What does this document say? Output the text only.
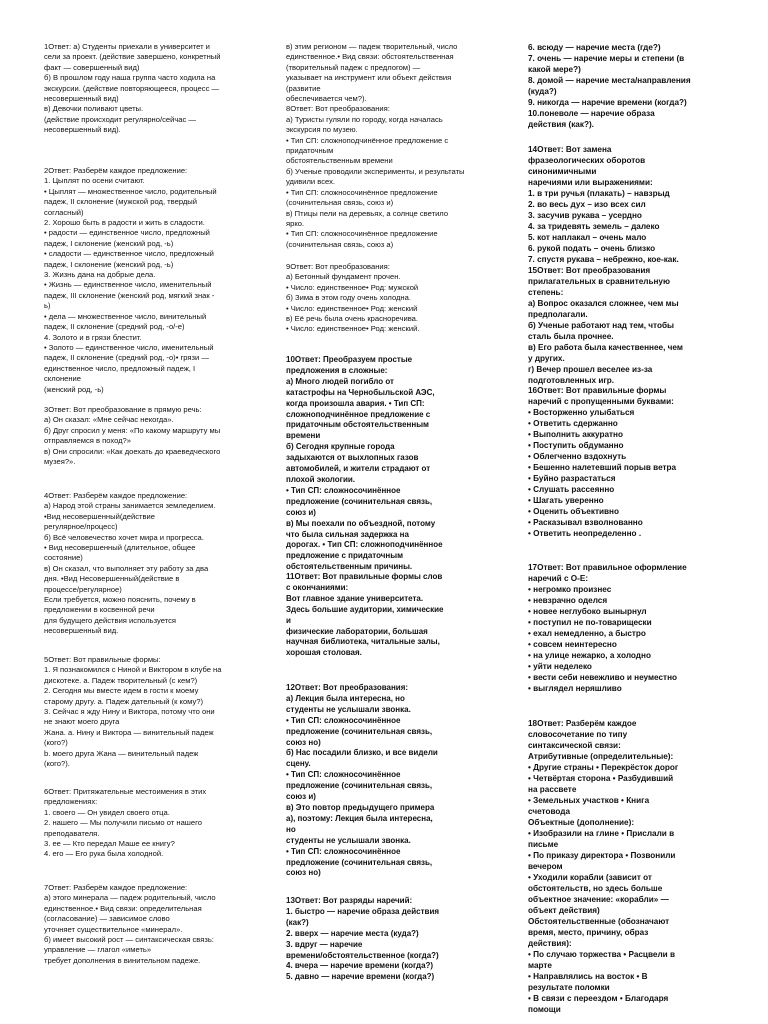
1Ответ: а) Студенты приехали в университет и
сели за проект. (действие завершено, конкретный
факт — совершенный вид)
б) В прошлом году наша группа часто ходила на
экскурсии. (действие повторяющееся, процесс —
несовершенный вид)
в) Девочки поливают цветы.
(действие происходит регулярно/сейчас —
несовершенный вид).
2Ответ: Разберём каждое предложение:
1. Цыплят по осени считают.
• Цыплят — множественное число, родительный
падеж, II склонение (мужской род, твердый
согласный)
2. Хорошо быть в радости и жить в сладости.
• радости — единственное число, предложный
падеж, I склонение (женский род, -ь)
• сладости — единственное число, предложный
падеж, I склонение (женский род, -ь)
3. Жизнь дана на добрые дела.
• Жизнь — единственное число, именительный
падеж, III склонение (женский род, мягкий знак -
ь)
• дела — множественное число, винительный
падеж, II склонение (средний род, -о/-е)
4. Золото и в грязи блестит.
• Золото — единственное число, именительный
падеж, II склонение (средний род, -о)• грязи —
единственное число, предложный падеж, I
склонение
(женский род, -ь)
3Ответ: Вот преобразование в прямую речь:
а) Он сказал: «Мне сейчас некогда».
б) Друг спросил у меня: «По какому маршруту мы
отправляемся в поход?»
в) Они спросили: «Как доехать до краеведческого
музея?».
4Ответ: Разберём каждое предложение:
а) Народ этой страны занимается земледелием.
•Вид несовершенный(действие
регулярное/процесс)
б) Всё человечество хочет мира и прогресса.
• Вид несовершенный (длительное, общее
состояние)
в) Он сказал, что выполняет эту работу за два
дня. •Вид Несовершенный(действие в
процессе/регулярное)
Если требуется, можно пояснить, почему в
предложении в косвенной речи
для будущего действия используется
несовершенный вид.
5Ответ: Вот правильные формы:
1. Я познакомился с Ниной и Виктором в клубе на
дискотеке. а. Падеж творительный (с кем?)
2. Сегодня мы вместе идем в гости к моему
старому другу. а. Падеж дательный (к кому?)
3. Сейчас я жду Нину и Виктора, потому что они
не знают моего друга
Жана. а. Нину и Виктора — винительный падеж
(кого?)
b. моего друга Жана — винительный падеж
(кого?).
6Ответ: Притяжательные местоимения в этих
предложениях:
1. своего — Он увидел своего отца.
2. нашего — Мы получили письмо от нашего
преподавателя.
3. ее — Кто передал Маше ее книгу?
4. его — Его рука была холодной.
7Ответ: Разберём каждое предложение:
а) этого минерала — падеж родительный, число
единственное.• Вид связи: определительная
(согласование) — зависимое слово
уточняет существительное «минерал».
б) имеет высокий рост — синтаксическая связь:
управление — глагол «иметь»
требует дополнения в винительном падеже.
в) этим регионом — падеж творительный, число
единственное.• Вид связи: обстоятельственная
(творительный падеж с предлогом) —
указывает на инструмент или объект действия
(развитие
обеспечивается чем?).
8Ответ: Вот преобразования:
а) Туристы гуляли по городу, когда началась
экскурсия по музею.
• Тип СП: сложноподчинённое предложение с
придаточным
обстоятельственным времени
б) Ученые проводили эксперименты, и результаты
удивили всех.
• Тип СП: сложносочинённое предложение
(сочинительная связь, союз и)
в) Птицы пели на деревьях, а солнце светило
ярко.
• Тип СП: сложносочинённое предложение
(сочинительная связь, союз а)
9Ответ: Вот преобразования:
а) Бетонный фундамент прочен.
• Число: единственное• Род: мужской
б) Зима в этом году очень холодна.
• Число: единственное• Род: женский
в) Её речь была очень красноречива.
• Число: единственное• Род: женский.
10Ответ: Преобразуем простые
предложения в сложные:
а) Много людей погибло от
катастрофы на Чернобыльской АЭС,
когда произошла авария. • Тип СП:
сложноподчинённое предложение с
придаточным обстоятельственным
времени
б) Сегодня крупные города
задыхаются от выхлопных газов
автомобилей, и жители страдают от
плохой экологии.
• Тип СП: сложносочинённое
предложение (сочинительная связь,
союз и)
в) Мы поехали по объездной, потому
что была сильная задержка на
дорогах. • Тип СП: сложноподчинённое
предложение с придаточным
обстоятельственным причины.
11Ответ: Вот правильные формы слов
с окончаниями:
Вот главное здание университета.
Здесь большие аудитории, химические
и
физические лаборатории, большая
научная библиотека, читальные залы,
хорошая столовая.
12Ответ: Вот преобразования:
а) Лекция была интересна, но
студенты не услышали звонка.
• Тип СП: сложносочинённое
предложение (сочинительная связь,
союз но)
б) Нас посадили близко, и все видели
сцену.
• Тип СП: сложносочинённое
предложение (сочинительная связь,
союз и)
в) Это повтор предыдущего примера
а), поэтому: Лекция была интересна,
но
студенты не услышали звонка.
• Тип СП: сложносочинённое
предложение (сочинительная связь,
союз но)
13Ответ: Вот разряды наречий:
1. быстро — наречие образа действия
(как?)
2. вверх — наречие места (куда?)
3. вдруг — наречие
времени/обстоятельственное (когда?)
4. вчера — наречие времени (когда?)
5. давно — наречие времени (когда?)
6. всюду — наречие места (где?)
7. очень — наречие меры и степени (в
какой мере?)
8. домой — наречие места/направления
(куда?)
9. никогда — наречие времени (когда?)
10.поневоле — наречие образа
действия (как?).
14Ответ: Вот замена
фразеологических оборотов
синонимичными
наречиями или выражениями:
1. в три ручья (плакать) – навзрыд
2. во весь дух – изо всех сил
3. засучив рукава – усердно
4. за тридевять земель – далеко
5. кот наплакал – очень мало
6. рукой подать – очень близко
7. спустя рукава – небрежно, кое-как.
15Ответ: Вот преобразования
прилагательных в сравнительную
степень:
а) Вопрос оказался сложнее, чем мы
предполагали.
б) Ученые работают над тем, чтобы
сталь была прочнее.
в) Его работа была качественнее, чем
у других.
г) Вечер прошел веселее из-за
подготовленных игр.
16Ответ: Вот правильные формы
наречий с пропущенными буквами:
• Восторженно улыбаться
• Ответить сдержанно
• Выполнить аккуратно
• Поступить обдуманно
• Облегченно вздохнуть
• Бешенно налетевший порыв ветра
• Буйно разрастаться
• Слушать рассеянно
• Шагать уверенно
• Оценить объективно
• Расказывал взволнованно
• Ответить неопределенно .
17Ответ: Вот правильное оформление
наречий с О-Е:
• негромко произнес
• невзрачно оделся
• новее неглубоко вынырнул
• поступил не по-товарищески
• ехал немедленно, а быстро
• совсем неинтересно
• на улице нежарко, а холодно
• уйти неделеко
• вести себи невежливо и неуместно
• выглядел неряшливо
18Ответ: Разберём каждое
словосочетание по типу
синтаксической связи:
Атрибутивные (определительные):
• Другие страны • Перекрёсток дорог
• Четвёртая сторона • Разбудивший
на рассвете
• Земельных участков • Книга
счетовода
Объектные (дополнение):
• Изобразили на глине • Прислали в
письме
• По приказу директора • Позвонили
вечером
• Уходили корабли (зависит от
обстоятельств, но здесь больше
объектное значение: «корабли» —
объект действия)
Обстоятельственные (обозначают
время, место, причину, образ
действия):
• По случаю торжества • Расцвели в
марте
• Направлялись на восток • В
результате поломки
• В связи с переездом • Благодаря
помощи
